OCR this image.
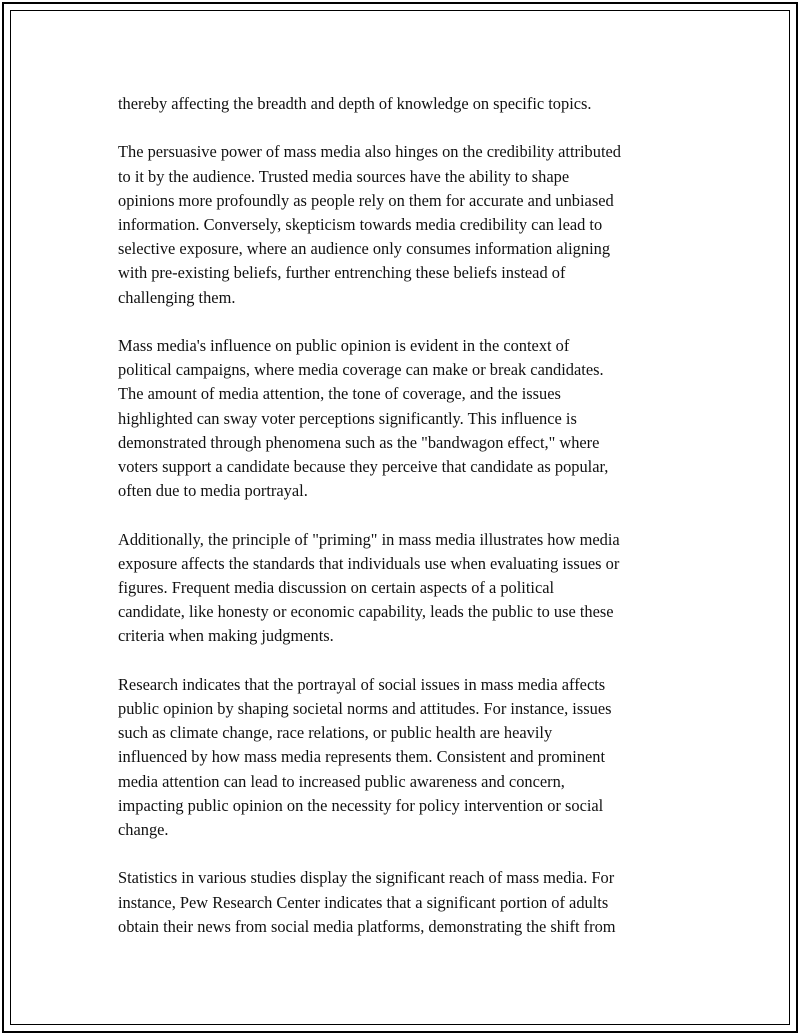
thereby affecting the breadth and depth of knowledge on specific topics.

The persuasive power of mass media also hinges on the credibility attributed
to it by the audience. Trusted media sources have the ability to shape
opinions more profoundly as people rely on them for accurate and unbiased
information. Conversely, skepticism towards media credibility can lead to
selective exposure, where an audience only consumes information aligning
with pre-existing beliefs, further entrenching these beliefs instead of
challenging them.

Mass media's influence on public opinion is evident in the context of
political campaigns, where media coverage can make or break candidates.
The amount of media attention, the tone of coverage, and the issues
highlighted can sway voter perceptions significantly. This influence is
demonstrated through phenomena such as the "bandwagon effect," where
voters support a candidate because they perceive that candidate as popular,
often due to media portrayal.

Additionally, the principle of "priming" in mass media illustrates how media
exposure affects the standards that individuals use when evaluating issues or
figures. Frequent media discussion on certain aspects of a political
candidate, like honesty or economic capability, leads the public to use these
criteria when making judgments.

Research indicates that the portrayal of social issues in mass media affects
public opinion by shaping societal norms and attitudes. For instance, issues
such as climate change, race relations, or public health are heavily
influenced by how mass media represents them. Consistent and prominent
media attention can lead to increased public awareness and concern,
impacting public opinion on the necessity for policy intervention or social
change.

Statistics in various studies display the significant reach of mass media. For
instance, Pew Research Center indicates that a significant portion of adults
obtain their news from social media platforms, demonstrating the shift from
